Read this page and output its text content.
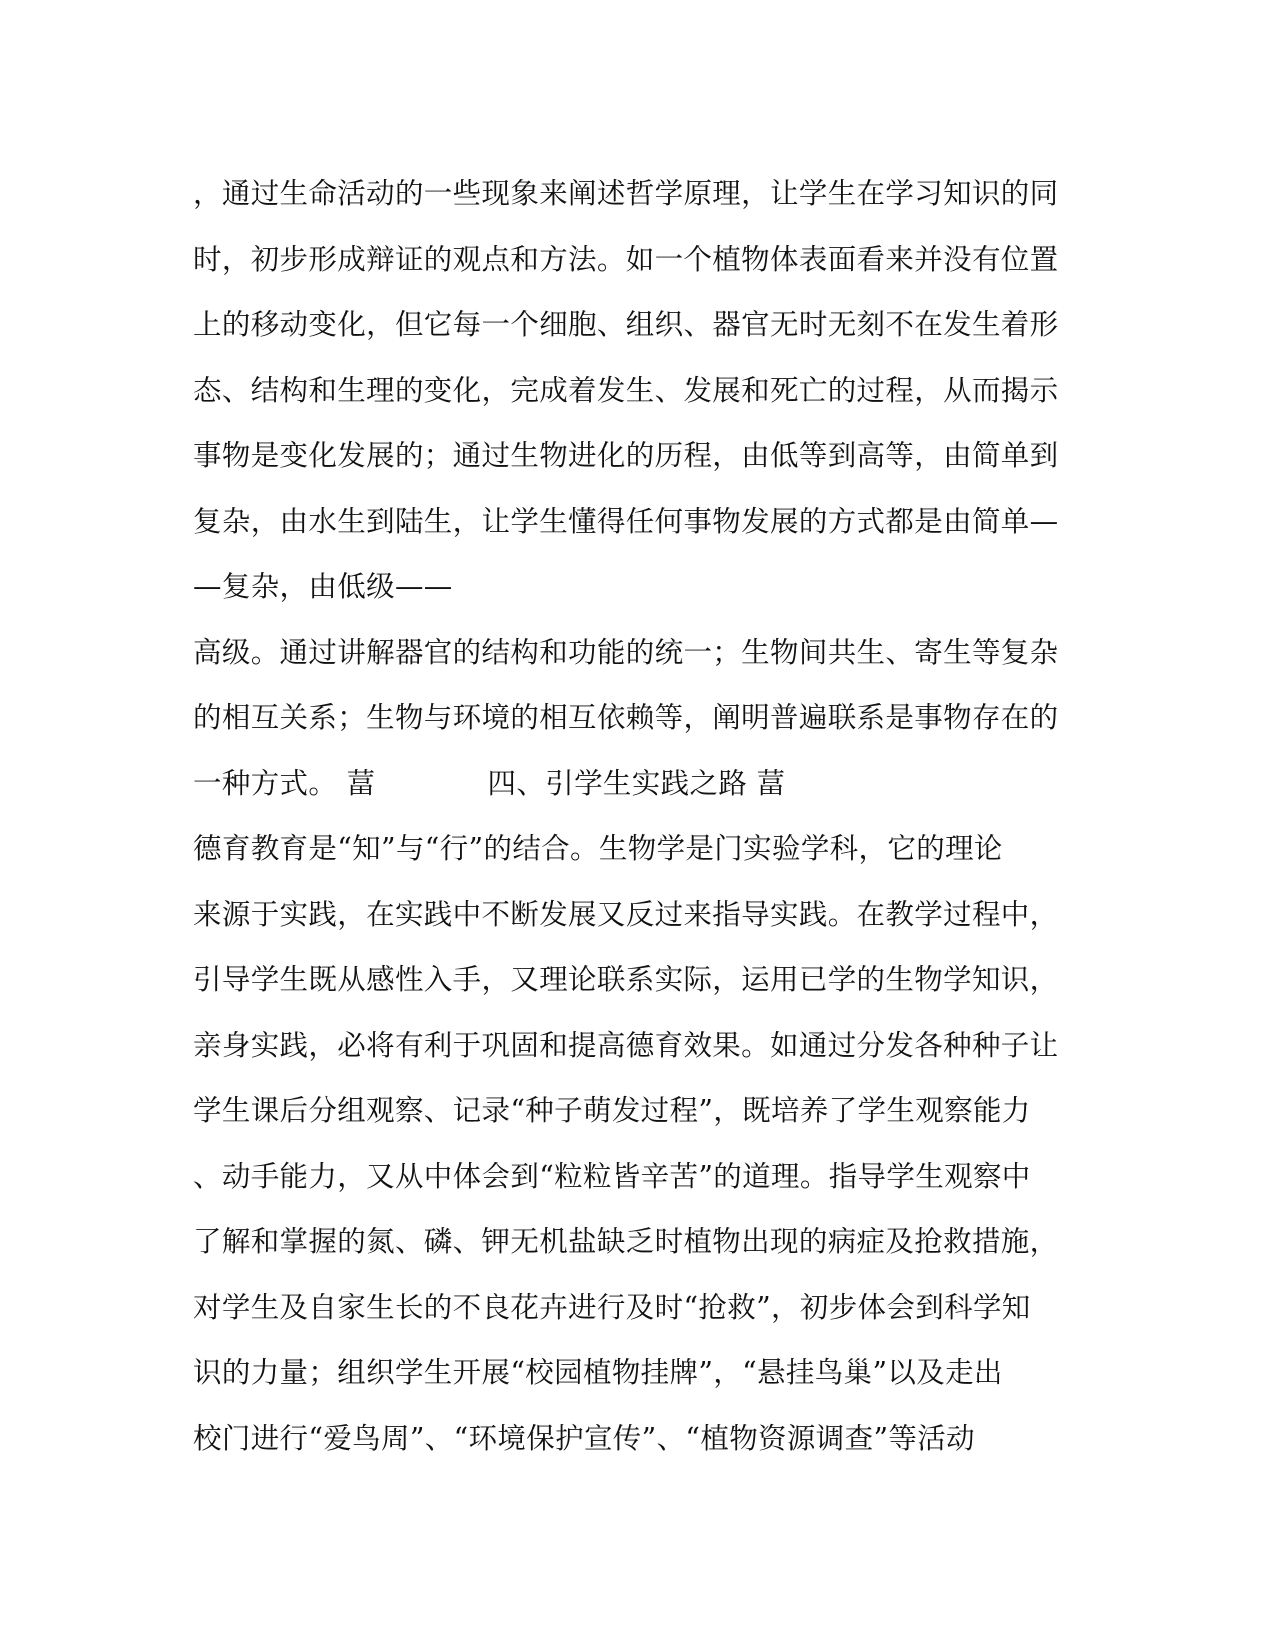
，通过生命活动的一些现象来阐述哲学原理，让学生在学习知识的同
时，初步形成辩证的观点和方法。如一个植物体表面看来并没有位置
上的移动变化，但它每一个细胞、组织、器官无时无刻不在发生着形
态、结构和生理的变化，完成着发生、发展和死亡的过程，从而揭示
事物是变化发展的；通过生物进化的历程，由低等到高等，由简单到
复杂，由水生到陆生，让学生懂得任何事物发展的方式都是由简单—
—复杂，由低级——
高级。通过讲解器官的结构和功能的统一；生物间共生、寄生等复杂
的相互关系；生物与环境的相互依赖等，阐明普遍联系是事物存在的
一种方式。 葍	四、引学生实践之路 葍
德育教育是“知”与“行”的结合。生物学是门实验学科，它的理论
来源于实践，在实践中不断发展又反过来指导实践。在教学过程中，
引导学生既从感性入手，又理论联系实际，运用已学的生物学知识，
亲身实践，必将有利于巩固和提高德育效果。如通过分发各种种子让
学生课后分组观察、记录“种子萌发过程”，既培养了学生观察能力
、动手能力，又从中体会到“粒粒皆辛苦”的道理。指导学生观察中
了解和掌握的氮、磷、钾无机盐缺乏时植物出现的病症及抢救措施，
对学生及自家生长的不良花卉进行及时“抢救”，初步体会到科学知
识的力量；组织学生开展“校园植物挂牌”，“悬挂鸟巢”以及走出
校门进行“爱鸟周”、“环境保护宣传”、“植物资源调查”等活动
